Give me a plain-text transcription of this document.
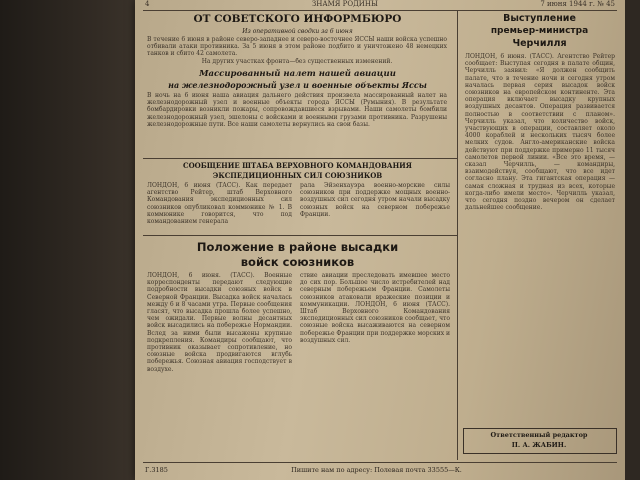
4	ЗНАМЯ РОДИНЫ	7 июня 1944 г. № 45
ОТ СОВЕТСКОГО ИНФОРМБЮРО
Из оперативной сводки за 6 июня
В течение 6 июня в районе северо-западнее и северо-восточнее ЯССЫ наши войска успешно отбивали атаки противника. За 5 июня в этом районе подбито и уничтожено 48 немецких танков и сбито 42 самолета.
На других участках фронта—без существенных изменений.
Массированный налет нашей авиации
на железнодорожный узел и военные объекты Яссы
В ночь на 6 июня наша авиация дальнего действия произвела массированный налет на железнодорожный узел и военные объекты города ЯССЫ (Румыния). В результате бомбардировки возникли пожары, сопровождавшиеся взрывами. Наши самолеты бомбили железнодорожный узел, эшелоны с войсками и военными грузами противника. Разрушены железнодорожные пути. Все наши самолеты вернулись на свои базы.
СООБЩЕНИЕ ШТАБА ВЕРХОВНОГО КОМАНДОВАНИЯ
ЭКСПЕДИЦИОННЫХ СИЛ СОЮЗНИКОВ
ЛОНДОН, 6 июня (ТАСС). Как передает агентство Рейтер, штаб Верховного Командования экспедиционных сил союзников опубликовал коммюнике № 1. В коммюнике говорится, что под командованием генерала
рала Эйзенхауэра военно-морские силы союзников при поддержке мощных военно-воздушных сил сегодня утром начали высадку союзных войск на северном побережье Франции.
Положение в районе высадки
войск союзников
ЛОНДОН, 6 июня. (ТАСС). Военные корреспонденты передают следующие подробности высадки союзных войск в Северной Франции. Высадка войск началась между 6 и 8 часами утра. Первые сообщения гласят, что высадка прошла более успешно, чем ожидали. Первые волны десантных войск высадились на побережье Нормандии. Вслед за ними были высажены крупные подкрепления. Командиры сообщают, что противник оказывает сопротивление, но союзные войска продвигаются вглубь побережья. Союзная авиация господствует в воздухе.
ствие авиации преследовать имевшее место до сих пор. Большое число истребителей над северным побережьем Франции. Самолеты союзников атаковали вражеские позиции и коммуникации. ЛОНДОН, 6 июня (ТАСС). Штаб Верховного Командования экспедиционных сил союзников сообщает, что союзные войска высаживаются на северном побережье Франции при поддержке морских и воздушных сил.
Выступление
премьер-министра
Черчилля
ЛОНДОН, 6 июня. (ТАСС). Агентство Рейтер сообщает: Выступая сегодня в палате общин, Черчилль заявил: «Я должен сообщить палате, что в течение ночи и сегодня утром началась первая серия высадок войск союзников на европейском континенте. Эта операция включает высадку крупных воздушных десантов. Операция развивается полностью в соответствии с планом». Черчилль указал, что количество войск, участвующих в операции, составляет около 4000 кораблей и нескольких тысяч более мелких судов. Англо-американские войска действуют при поддержке примерно 11 тысяч самолетов первой линии. «Все это время, — сказал Черчилль, — командиры, взаимодействуя, сообщают, что все идет согласно плану. Эта гигантская операция — самая сложная и трудная из всех, которые когда-либо имели место». Черчилль указал, что сегодня поздно вечером он сделает дальнейшее сообщение.
Ответственный редактор
П. А. ЖАБИН.
Г.3185	Пишите нам по адресу: Полевая почта 33555—К.
